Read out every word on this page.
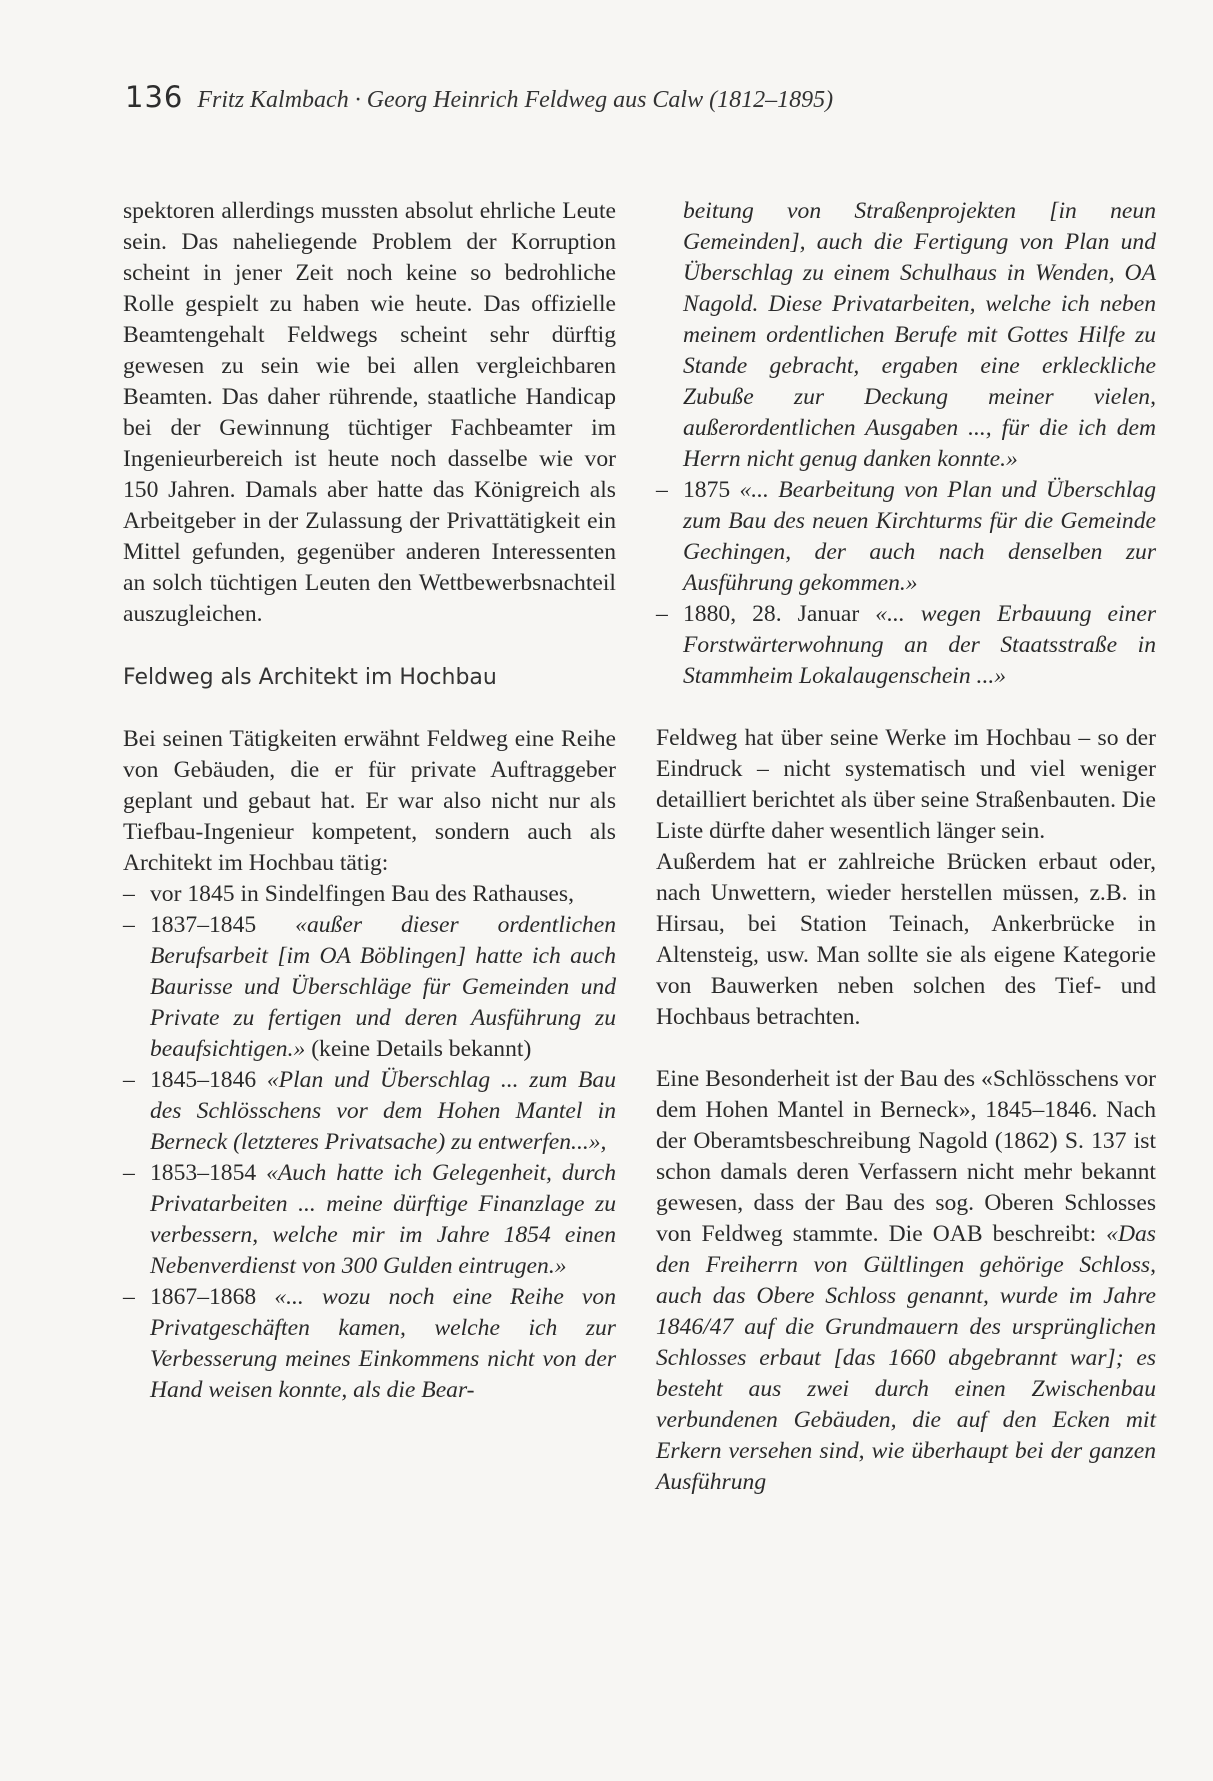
136 Fritz Kalmbach · Georg Heinrich Feldweg aus Calw (1812–1895)

spektoren allerdings mussten absolut ehrliche Leute sein. Das naheliegende Problem der Korruption scheint in jener Zeit noch keine so bedrohliche Rolle gespielt zu haben wie heute. Das offizielle Beamtengehalt Feldwegs scheint sehr dürftig gewesen zu sein wie bei allen vergleichbaren Beamten. Das daher rührende, staatliche Handicap bei der Gewinnung tüchtiger Fachbeamter im Ingenieurbereich ist heute noch dasselbe wie vor 150 Jahren. Damals aber hatte das Königreich als Arbeitgeber in der Zulassung der Privattätigkeit ein Mittel gefunden, gegenüber anderen Interessenten an solch tüchtigen Leuten den Wettbewerbsnachteil auszugleichen.

Feldweg als Architekt im Hochbau

Bei seinen Tätigkeiten erwähnt Feldweg eine Reihe von Gebäuden, die er für private Auftraggeber geplant und gebaut hat. Er war also nicht nur als Tiefbau-Ingenieur kompetent, sondern auch als Architekt im Hochbau tätig:

– vor 1845 in Sindelfingen Bau des Rathauses,
– 1837–1845 «außer dieser ordentlichen Berufsarbeit [im OA Böblingen] hatte ich auch Baurisse und Überschläge für Gemeinden und Private zu fertigen und deren Ausführung zu beaufsichtigen.» (keine Details bekannt)
– 1845–1846 «Plan und Überschlag ... zum Bau des Schlösschens vor dem Hohen Mantel in Berneck (letzteres Privatsache) zu entwerfen...»,
– 1853–1854 «Auch hatte ich Gelegenheit, durch Privatarbeiten ... meine dürftige Finanzlage zu verbessern, welche mir im Jahre 1854 einen Nebenverdienst von 300 Gulden eintrugen.»
– 1867–1868 «... wozu noch eine Reihe von Privatgeschäften kamen, welche ich zur Verbesserung meines Einkommens nicht von der Hand weisen konnte, als die Bear-
beitung von Straßenprojekten [in neun Gemeinden], auch die Fertigung von Plan und Überschlag zu einem Schulhaus in Wenden, OA Nagold. Diese Privatarbeiten, welche ich neben meinem ordentlichen Berufe mit Gottes Hilfe zu Stande gebracht, ergaben eine erkleckliche Zubuße zur Deckung meiner vielen, außerordentlichen Ausgaben ..., für die ich dem Herrn nicht genug danken konnte.»
– 1875 «... Bearbeitung von Plan und Überschlag zum Bau des neuen Kirchturms für die Gemeinde Gechingen, der auch nach denselben zur Ausführung gekommen.»
– 1880, 28. Januar «... wegen Erbauung einer Forstwärterwohnung an der Staatsstraße in Stammheim Lokalaugenschein ...»

Feldweg hat über seine Werke im Hochbau – so der Eindruck – nicht systematisch und viel weniger detailliert berichtet als über seine Straßenbauten. Die Liste dürfte daher wesentlich länger sein.

Außerdem hat er zahlreiche Brücken erbaut oder, nach Unwettern, wieder herstellen müssen, z.B. in Hirsau, bei Station Teinach, Ankerbrücke in Altensteig, usw. Man sollte sie als eigene Kategorie von Bauwerken neben solchen des Tief- und Hochbaus betrachten.

Eine Besonderheit ist der Bau des «Schlösschens vor dem Hohen Mantel in Berneck», 1845–1846. Nach der Oberamtsbeschreibung Nagold (1862) S. 137 ist schon damals deren Verfassern nicht mehr bekannt gewesen, dass der Bau des sog. Oberen Schlosses von Feldweg stammte. Die OAB beschreibt: «Das den Freiherrn von Gültlingen gehörige Schloss, auch das Obere Schloss genannt, wurde im Jahre 1846/47 auf die Grundmauern des ursprünglichen Schlosses erbaut [das 1660 abgebrannt war]; es besteht aus zwei durch einen Zwischenbau verbundenen Gebäuden, die auf den Ecken mit Erkern versehen sind, wie überhaupt bei der ganzen Ausführung
